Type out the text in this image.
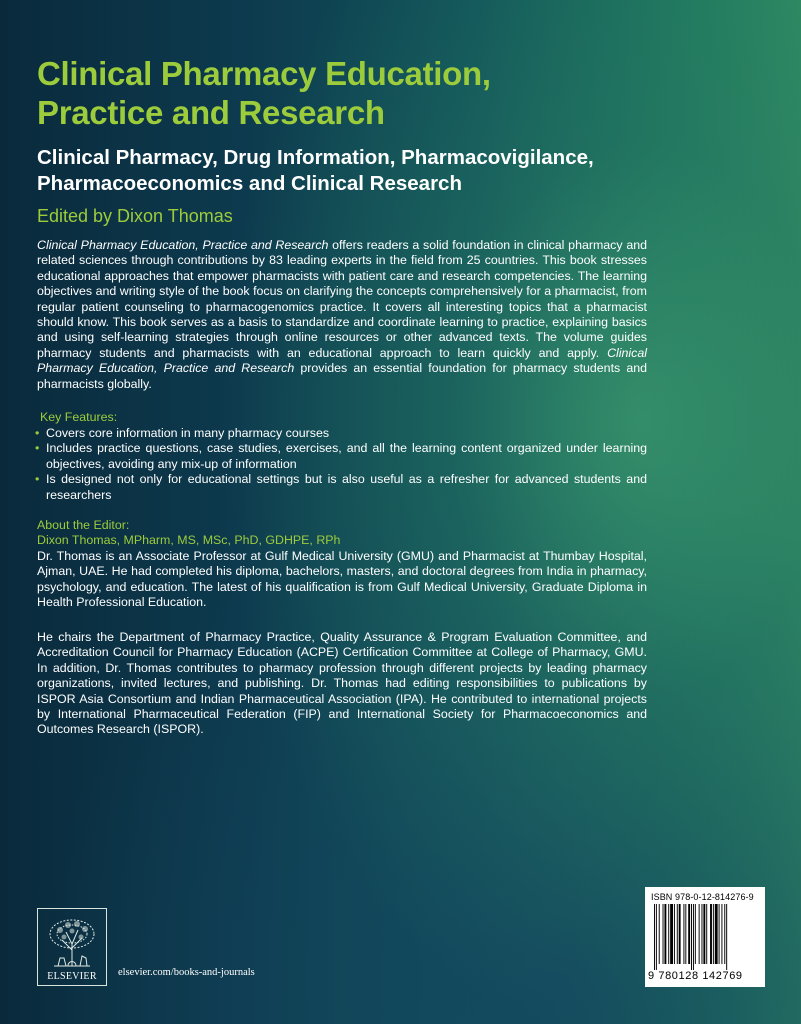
Clinical Pharmacy Education,
Practice and Research
Clinical Pharmacy, Drug Information, Pharmacovigilance,
Pharmacoeconomics and Clinical Research

Edited by Dixon Thomas

Clinical Pharmacy Education, Practice and Research offers readers a solid foundation in clinical pharmacy and related sciences through contributions by 83 leading experts in the field from 25 countries. This book stresses educational approaches that empower pharmacists with patient care and research competencies. The learning objectives and writing style of the book focus on clarifying the concepts comprehensively for a pharmacist, from regular patient counseling to pharmacogenomics practice. It covers all interesting topics that a pharmacist should know. This book serves as a basis to standardize and coordinate learning to practice, explaining basics and using self-learning strategies through online resources or other advanced texts. The volume guides pharmacy students and pharmacists with an educational approach to learn quickly and apply. Clinical Pharmacy Education, Practice and Research provides an essential foundation for pharmacy students and pharmacists globally.

Key Features:

• Covers core information in many pharmacy courses
• Includes practice questions, case studies, exercises, and all the learning content organized under learning objectives, avoiding any mix-up of information
• Is designed not only for educational settings but is also useful as a refresher for advanced students and researchers

About the Editor:

Dixon Thomas, MPharm, MS, MSc, PhD, GDHPE, RPh

Dr. Thomas is an Associate Professor at Gulf Medical University (GMU) and Pharmacist at Thumbay Hospital, Ajman, UAE. He had completed his diploma, bachelors, masters, and doctoral degrees from India in pharmacy, psychology, and education. The latest of his qualification is from Gulf Medical University, Graduate Diploma in Health Professional Education.

He chairs the Department of Pharmacy Practice, Quality Assurance & Program Evaluation Committee, and Accreditation Council for Pharmacy Education (ACPE) Certification Committee at College of Pharmacy, GMU. In addition, Dr. Thomas contributes to pharmacy profession through different projects by leading pharmacy organizations, invited lectures, and publishing. Dr. Thomas had editing responsibilities to publications by ISPOR Asia Consortium and Indian Pharmaceutical Association (IPA). He contributed to international projects by International Pharmaceutical Federation (FIP) and International Society for Pharmacoeconomics and Outcomes Research (ISPOR).

ELSEVIER	elsevier.com/books-and-journals
ISBN 978-0-12-814276-9
9 780128 142769
